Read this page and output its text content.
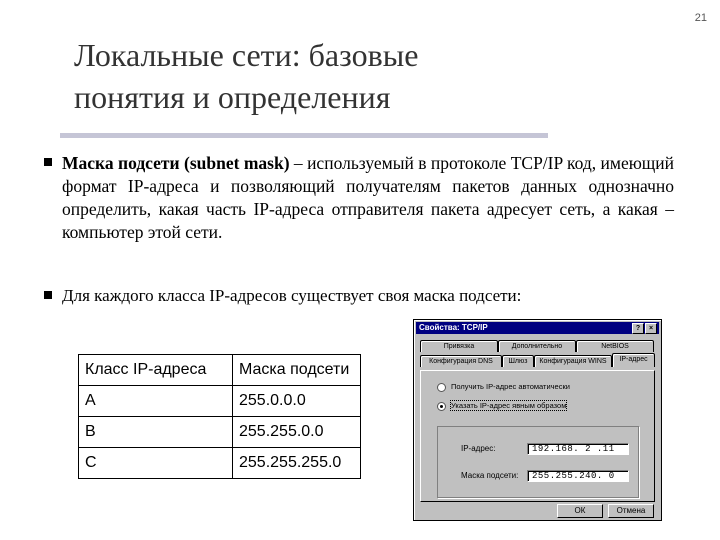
21
Локальные сети: базовые
понятия и определения
Маска подсети (subnet mask) – используемый в протоколе TCP/IP код, имеющий формат IP-адреса и позволяющий получателям пакетов данных однозначно определить, какая часть IP-адреса отправителя пакета адресует сеть, а какая – компьютер этой сети.
Для каждого класса IP-адресов существует своя маска подсети:
Класс IP-адреса	Маска подсети
A	255.0.0.0
B	255.255.0.0
C	255.255.255.0
Свойства: TCP/IP	?	×
Привязка	Дополнительно	NetBIOS
Конфигурация DNS	Шлюз	Конфигурация WINS	IP-адрес
Получить IP-адрес автоматически
Указать IP-адрес явным образом
IP-адрес:	192.168. 2 .11
Маска подсети:	255.255.240. 0
ОК	Отмена
